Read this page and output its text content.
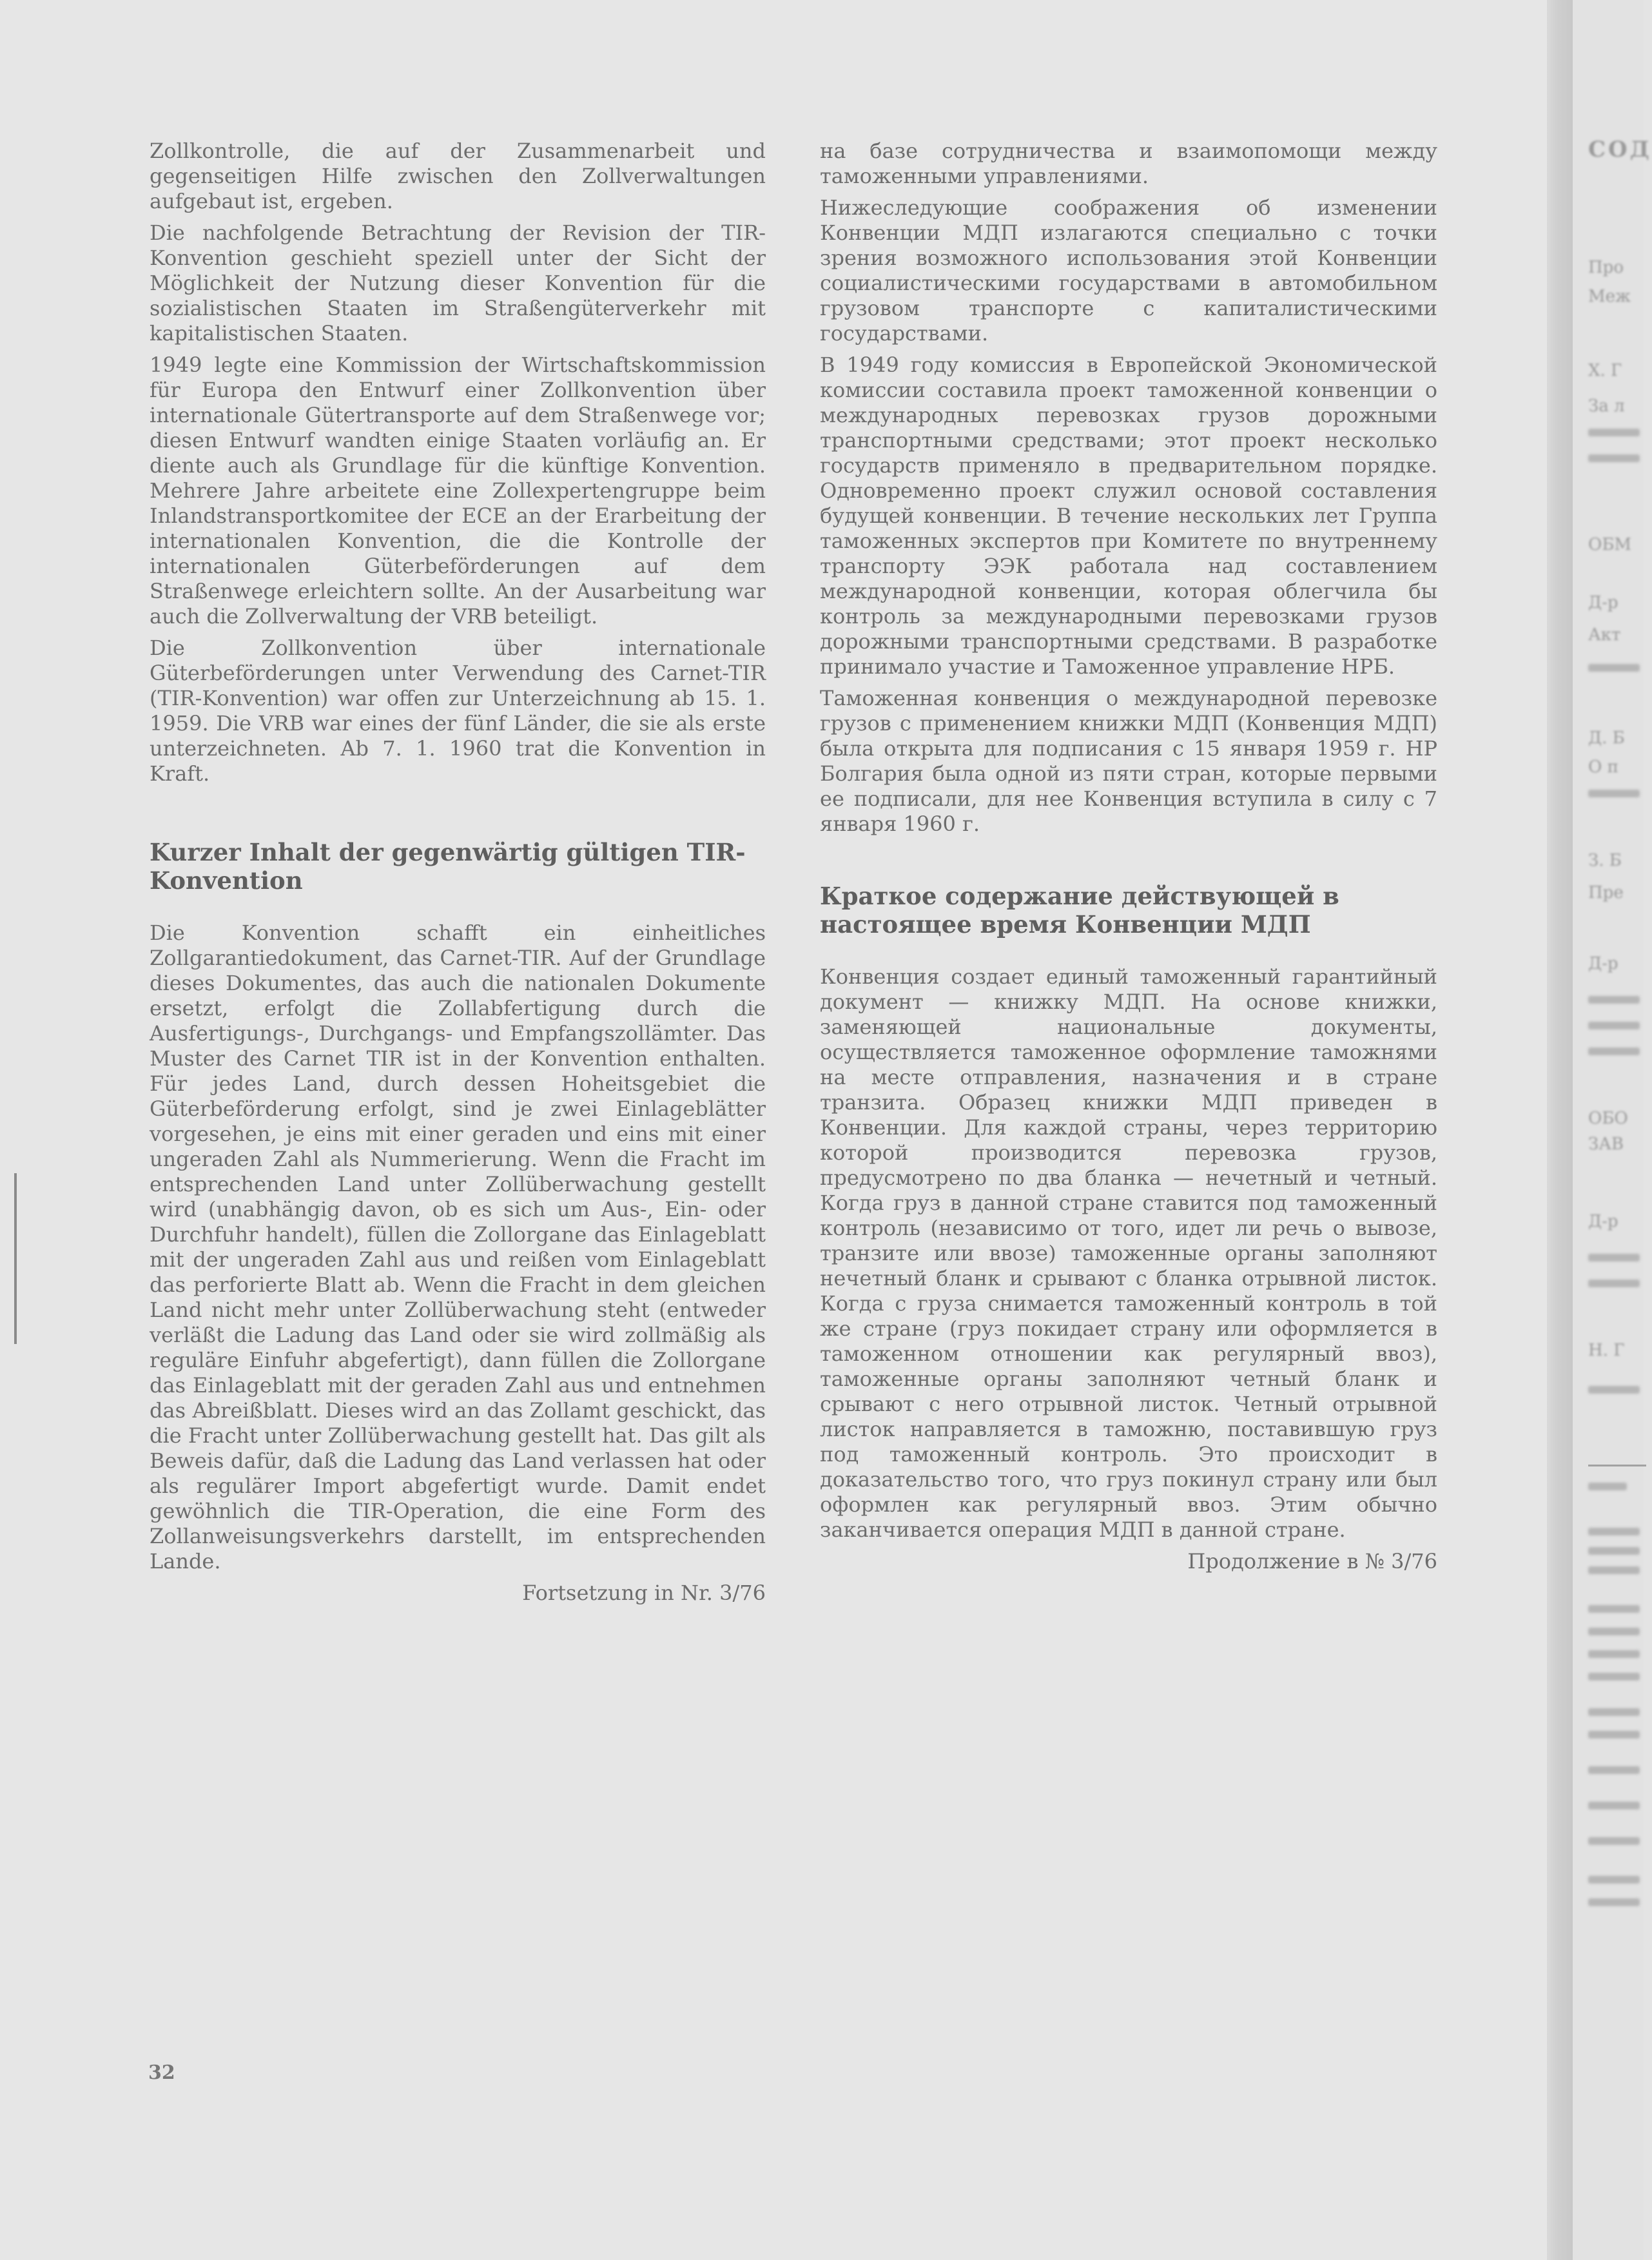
Zollkontrolle, die auf der Zusammenarbeit und gegenseitigen Hilfe zwischen den Zollverwaltungen aufgebaut ist, ergeben.

Die nachfolgende Betrachtung der Revision der TIR-Konvention geschieht speziell unter der Sicht der Möglichkeit der Nutzung dieser Konvention für die sozialistischen Staaten im Straßengüterverkehr mit kapitalistischen Staaten.

1949 legte eine Kommission der Wirtschaftskommission für Europa den Entwurf einer Zollkonvention über internationale Gütertransporte auf dem Straßenwege vor; diesen Entwurf wandten einige Staaten vorläufig an. Er diente auch als Grundlage für die künftige Konvention. Mehrere Jahre arbeitete eine Zollexpertengruppe beim Inlandstransportkomitee der ECE an der Erarbeitung der internationalen Konvention, die die Kontrolle der internationalen Güterbeförderungen auf dem Straßenwege erleichtern sollte. An der Ausarbeitung war auch die Zollverwaltung der VRB beteiligt.

Die Zollkonvention über internationale Güterbeförderungen unter Verwendung des Carnet-TIR (TIR-Konvention) war offen zur Unterzeichnung ab 15. 1. 1959. Die VRB war eines der fünf Länder, die sie als erste unterzeichneten. Ab 7. 1. 1960 trat die Konvention in Kraft.

Kurzer Inhalt der gegenwärtig gültigen TIR-Konvention

Die Konvention schafft ein einheitliches Zollgarantiedokument, das Carnet-TIR. Auf der Grundlage dieses Dokumentes, das auch die nationalen Dokumente ersetzt, erfolgt die Zollabfertigung durch die Ausfertigungs-, Durchgangs- und Empfangszollämter. Das Muster des Carnet TIR ist in der Konvention enthalten. Für jedes Land, durch dessen Hoheitsgebiet die Güterbeförderung erfolgt, sind je zwei Einlageblätter vorgesehen, je eins mit einer geraden und eins mit einer ungeraden Zahl als Nummerierung. Wenn die Fracht im entsprechenden Land unter Zollüberwachung gestellt wird (unabhängig davon, ob es sich um Aus-, Ein- oder Durchfuhr handelt), füllen die Zollorgane das Einlageblatt mit der ungeraden Zahl aus und reißen vom Einlageblatt das perforierte Blatt ab. Wenn die Fracht in dem gleichen Land nicht mehr unter Zollüberwachung steht (entweder verläßt die Ladung das Land oder sie wird zollmäßig als reguläre Einfuhr abgefertigt), dann füllen die Zollorgane das Einlageblatt mit der geraden Zahl aus und entnehmen das Abreißblatt. Dieses wird an das Zollamt geschickt, das die Fracht unter Zollüberwachung gestellt hat. Das gilt als Beweis dafür, daß die Ladung das Land verlassen hat oder als regulärer Import abgefertigt wurde. Damit endet gewöhnlich die TIR-Operation, die eine Form des Zollanweisungsverkehrs darstellt, im entsprechenden Lande.

Fortsetzung in Nr. 3/76

на базе сотрудничества и взаимопомощи между таможенными управлениями.

Нижеследующие соображения об изменении Конвенции МДП излагаются специально с точки зрения возможного использования этой Конвенции социалистическими государствами в автомобильном грузовом транспорте с капиталистическими государствами.

В 1949 году комиссия в Европейской Экономической комиссии составила проект таможенной конвенции о международных перевозках грузов дорожными транспортными средствами; этот проект несколько государств применяло в предварительном порядке. Одновременно проект служил основой составления будущей конвенции. В течение нескольких лет Группа таможенных экспертов при Комитете по внутреннему транспорту ЭЭК работала над составлением международной конвенции, которая облегчила бы контроль за международными перевозками грузов дорожными транспортными средствами. В разработке принимало участие и Таможенное управление НРБ.

Таможенная конвенция о международной перевозке грузов с применением книжки МДП (Конвенция МДП) была открыта для подписания с 15 января 1959 г. НР Болгария была одной из пяти стран, которые первыми ее подписали, для нее Конвенция вступила в силу с 7 января 1960 г.

Краткое содержание действующей в настоящее время Конвенции МДП

Конвенция создает единый таможенный гарантийный документ — книжку МДП. На основе книжки, заменяющей национальные документы, осуществляется таможенное оформление таможнями на месте отправления, назначения и в стране транзита. Образец книжки МДП приведен в Конвенции. Для каждой страны, через территорию которой производится перевозка грузов, предусмотрено по два бланка — нечетный и четный. Когда груз в данной стране ставится под таможенный контроль (независимо от того, идет ли речь о вывозе, транзите или ввозе) таможенные органы заполняют нечетный бланк и срывают с бланка отрывной листок. Когда с груза снимается таможенный контроль в той же стране (груз покидает страну или оформляется в таможенном отношении как регулярный ввоз), таможенные органы заполняют четный бланк и срывают с него отрывной листок. Четный отрывной листок направляется в таможню, поставившую груз под таможенный контроль. Это происходит в доказательство того, что груз покинул страну или был оформлен как регулярный ввоз. Этим обычно заканчивается операция МДП в данной стране.

Продолжение в № 3/76

32
СОД
Про
Меж
X. Г
За л
ОБМ
Д-р
Акт
Д. Б
О п
З. Б
Пре
Д-р
ОБО
ЗАВ
Д-р
Н. Г
